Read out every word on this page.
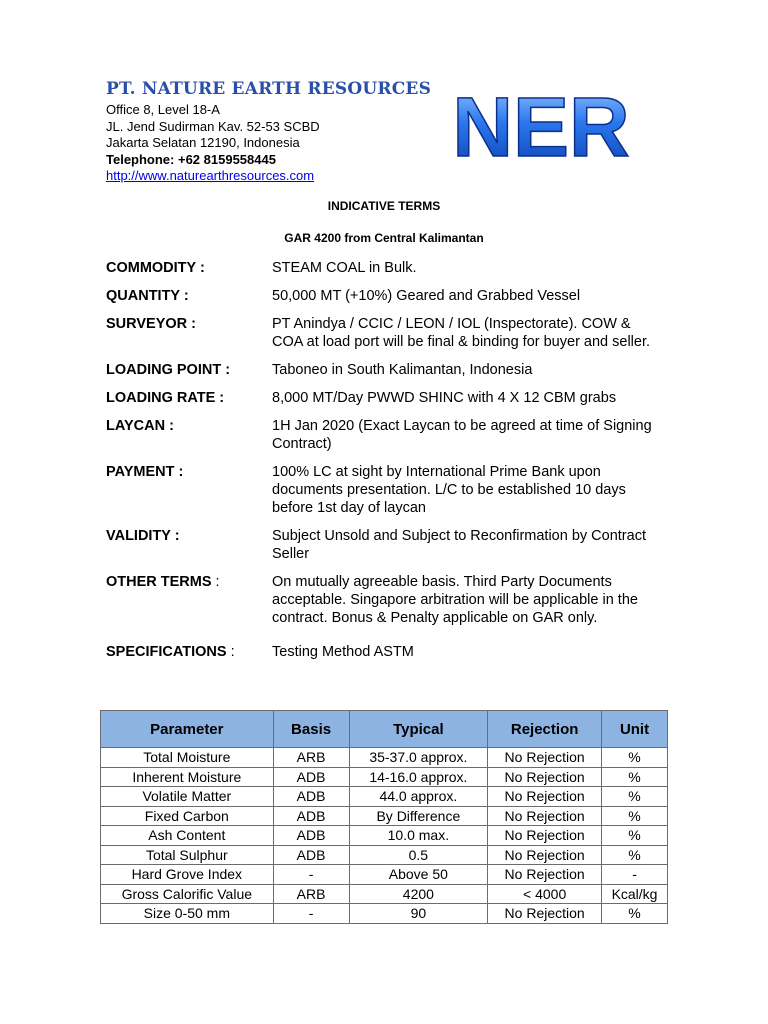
PT. NATURE EARTH RESOURCES
Office 8, Level 18-A
JL. Jend Sudirman Kav. 52-53 SCBD
Jakarta Selatan 12190, Indonesia
Telephone: +62 8159558445
http://www.naturearthresources.com
NER
INDICATIVE TERMS
GAR 4200 from Central Kalimantan
COMMODITY :	STEAM COAL in Bulk.
QUANTITY :	50,000 MT (+10%) Geared and Grabbed Vessel
SURVEYOR :	PT Anindya / CCIC / LEON / IOL (Inspectorate). COW & COA at load port will be final & binding for buyer and seller.
LOADING POINT :	Taboneo in South Kalimantan, Indonesia
LOADING RATE :	8,000 MT/Day PWWD SHINC with 4 X 12 CBM grabs
LAYCAN :	1H Jan 2020 (Exact Laycan to be agreed at time of Signing Contract)
PAYMENT :	100% LC at sight by International Prime Bank upon documents presentation. L/C to be established 10 days before 1st day of laycan
VALIDITY :	Subject Unsold and Subject to Reconfirmation by Contract Seller
OTHER TERMS :	On mutually agreeable basis. Third Party Documents acceptable. Singapore arbitration will be applicable in the contract. Bonus & Penalty applicable on GAR only.
SPECIFICATIONS :	Testing Method ASTM
Parameter	Basis	Typical	Rejection	Unit
Total Moisture	ARB	35-37.0 approx.	No Rejection	%
Inherent Moisture	ADB	14-16.0 approx.	No Rejection	%
Volatile Matter	ADB	44.0 approx.	No Rejection	%
Fixed Carbon	ADB	By Difference	No Rejection	%
Ash Content	ADB	10.0 max.	No Rejection	%
Total Sulphur	ADB	0.5	No Rejection	%
Hard Grove Index	-	Above 50	No Rejection	-
Gross Calorific Value	ARB	4200	< 4000	Kcal/kg
Size 0-50 mm	-	90	No Rejection	%
